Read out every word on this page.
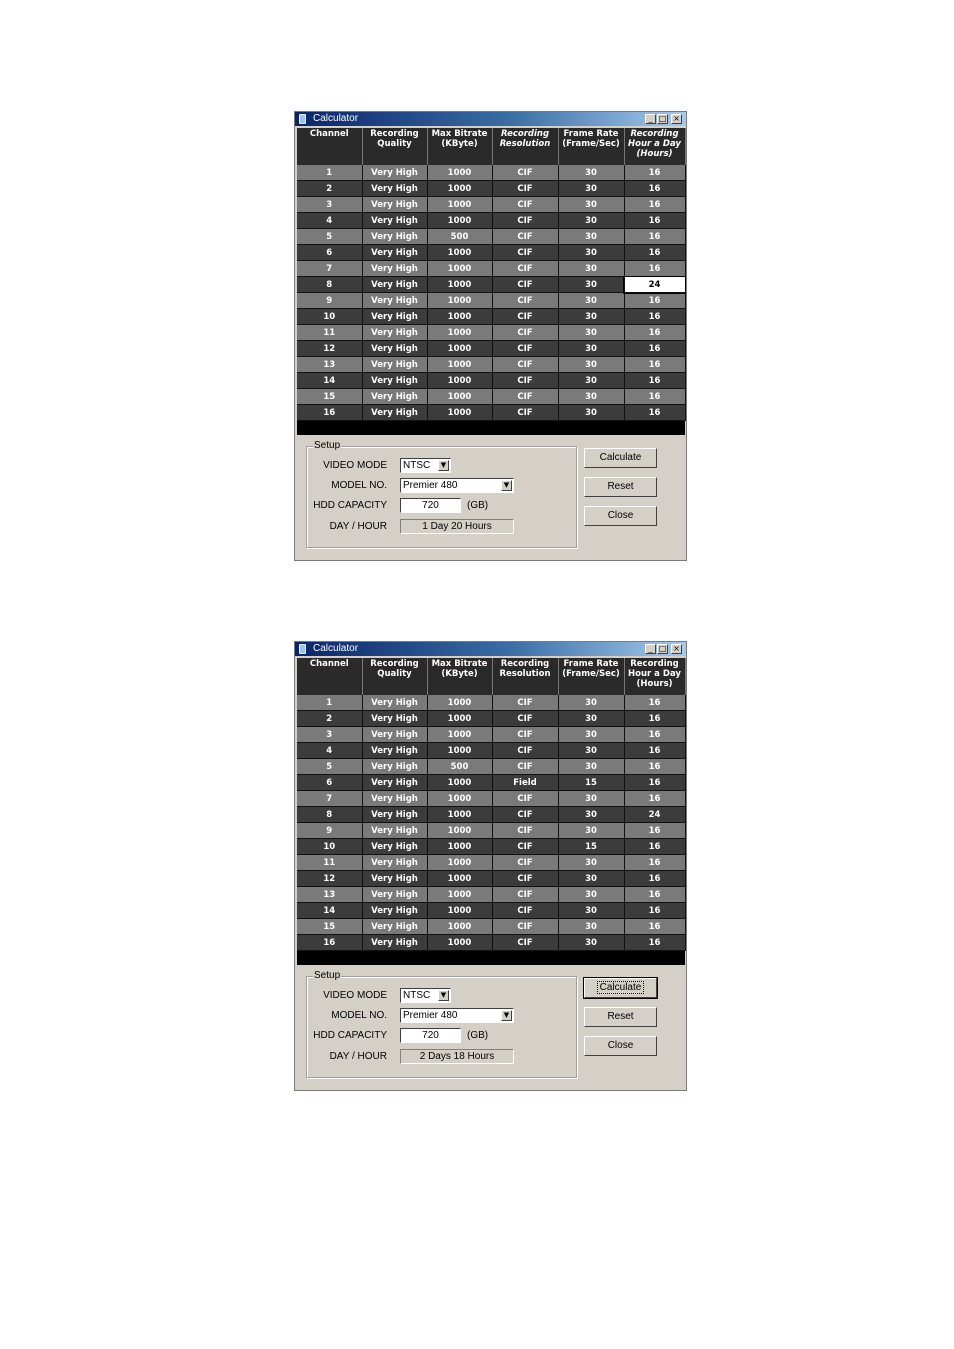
Calculator	_ □ ×
Channel	Recording Quality	Max Bitrate (KByte)	Recording Resolution	Frame Rate (Frame/Sec)	Recording Hour a Day (Hours)
1	Very High	1000	CIF	30	16
2	Very High	1000	CIF	30	16
3	Very High	1000	CIF	30	16
4	Very High	1000	CIF	30	16
5	Very High	500	CIF	30	16
6	Very High	1000	CIF	30	16
7	Very High	1000	CIF	30	16
8	Very High	1000	CIF	30	24
9	Very High	1000	CIF	30	16
10	Very High	1000	CIF	30	16
11	Very High	1000	CIF	30	16
12	Very High	1000	CIF	30	16
13	Very High	1000	CIF	30	16
14	Very High	1000	CIF	30	16
15	Very High	1000	CIF	30	16
16	Very High	1000	CIF	30	16
Setup
VIDEO MODE	NTSC	▼
MODEL NO.	Premier 480	▼
HDD CAPACITY	720	(GB)
DAY / HOUR	1 Day 20 Hours
Calculate
Reset
Close
Calculator	_ □ ×
Channel	Recording Quality	Max Bitrate (KByte)	Recording Resolution	Frame Rate (Frame/Sec)	Recording Hour a Day (Hours)
1	Very High	1000	CIF	30	16
2	Very High	1000	CIF	30	16
3	Very High	1000	CIF	30	16
4	Very High	1000	CIF	30	16
5	Very High	500	CIF	30	16
6	Very High	1000	Field	15	16
7	Very High	1000	CIF	30	16
8	Very High	1000	CIF	30	24
9	Very High	1000	CIF	30	16
10	Very High	1000	CIF	15	16
11	Very High	1000	CIF	30	16
12	Very High	1000	CIF	30	16
13	Very High	1000	CIF	30	16
14	Very High	1000	CIF	30	16
15	Very High	1000	CIF	30	16
16	Very High	1000	CIF	30	16
Setup
VIDEO MODE	NTSC	▼
MODEL NO.	Premier 480	▼
HDD CAPACITY	720	(GB)
DAY / HOUR	2 Days 18 Hours
Calculate
Reset
Close
